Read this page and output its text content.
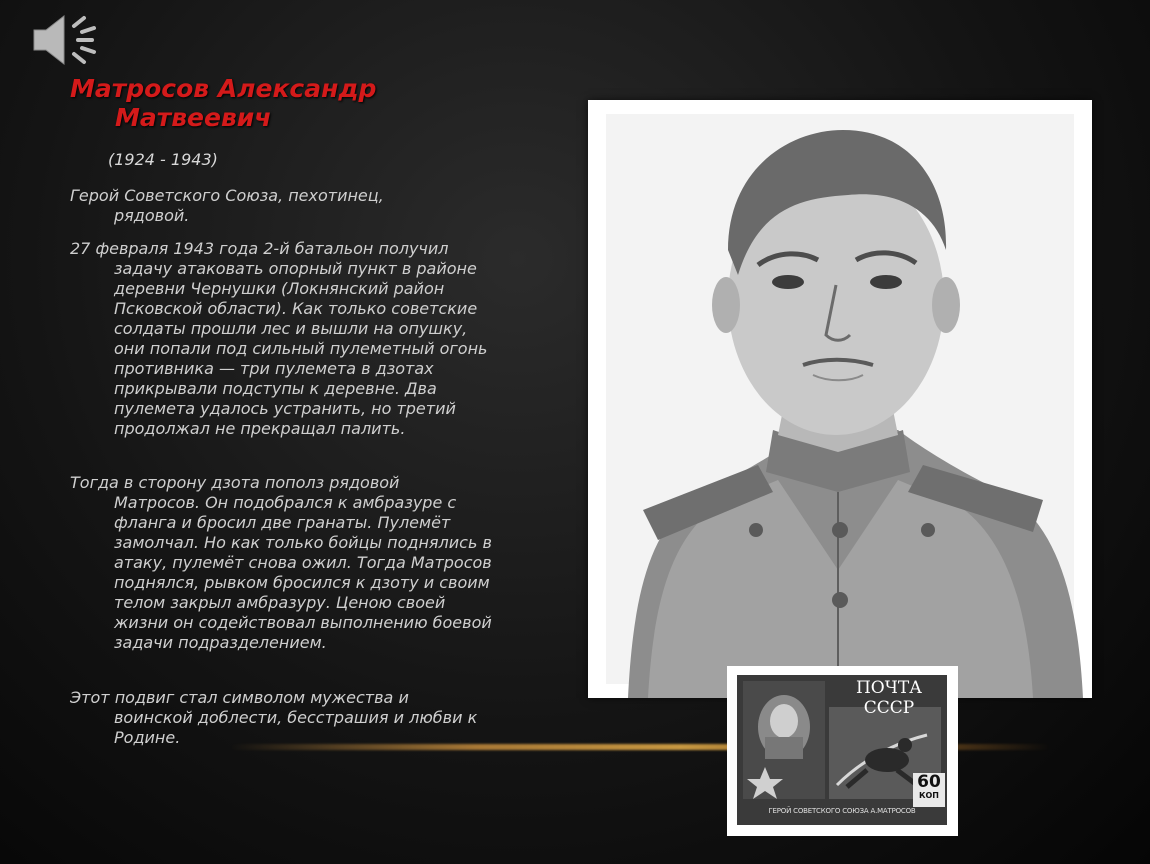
Матросов Александр
Матвеевич
(1924 - 1943)
Герой Советского Союза, пехотинец,
рядовой.
27 февраля 1943 года 2-й батальон получил
задачу атаковать опорный пункт в районе деревни Чернушки (Локнянский район Псковской области). Как только советские солдаты прошли лес и вышли на опушку, они попали под сильный пулеметный огонь противника — три пулемета в дзотах прикрывали подступы к деревне. Два пулемета удалось устранить, но третий продолжал не прекращал палить.
Тогда в сторону дзота пополз рядовой
Матросов. Он подобрался к амбразуре с фланга и бросил две гранаты. Пулемёт замолчал. Но как только бойцы поднялись в атаку, пулемёт снова ожил. Тогда Матросов поднялся, рывком бросился к дзоту и своим телом закрыл амбразуру. Ценою своей жизни он содействовал выполнению боевой задачи подразделением.
Этот подвиг стал символом мужества и
воинской доблести, бесстрашия и любви к Родине.
ПОЧТА СССР
60
КОП
ГЕРОЙ СОВЕТСКОГО СОЮЗА А.МАТРОСОВ
